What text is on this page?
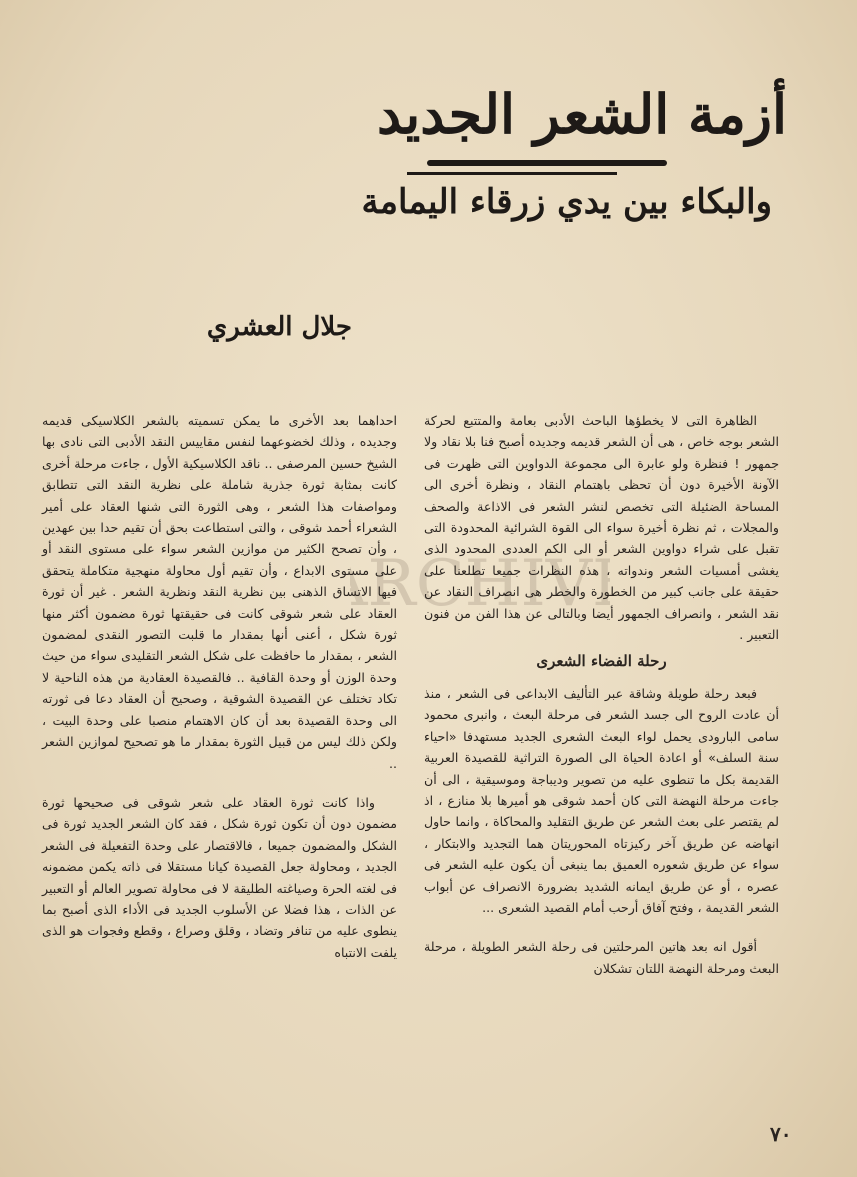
أزمة الشعر الجديد
والبكاء بين يدي زرقاء اليمامة
جلال العشري
RCHIV

الظاهرة التى لا يخطؤها الباحث الأدبى بعامة والمتتبع لحركة الشعر بوجه خاص ، هى أن الشعر قديمه وجديده أصبح فنا بلا نقاد ولا جمهور ! فنظرة ولو عابرة الى مجموعة الدواوين التى ظهرت فى الآونة الأخيرة دون أن تحظى باهتمام النقاد ، ونظرة أخرى الى المساحة الضئيلة التى تخصص لنشر الشعر فى الاذاعة والصحف والمجلات ، ثم نظرة أخيرة سواء الى القوة الشرائية المحدودة التى تقبل على شراء دواوين الشعر أو الى الكم العددى المحدود الذى يغشى أمسيات الشعر وندواته ، هذه النظرات جميعا تطلعنا على حقيقة على جانب كبير من الخطورة والخطر هى انصراف النقاد عن نقد الشعر ، وانصراف الجمهور أيضا وبالتالى عن هذا الفن من فنون التعبير .

رحلة الفضاء الشعرى

فبعد رحلة طويلة وشاقة عبر التأليف الابداعى فى الشعر ، منذ أن عادت الروح الى جسد الشعر فى مرحلة البعث ، وانبرى محمود سامى البارودى يحمل لواء البعث الشعرى الجديد مستهدفا «احياء سنة السلف» أو اعادة الحياة الى الصورة التراثية للقصيدة العربية القديمة بكل ما تنطوى عليه من تصوير وديباجة وموسيقية ، الى أن جاءت مرحلة النهضة التى كان أحمد شوقى هو أميرها بلا منازع ، اذ لم يقتصر على بعث الشعر عن طريق التقليد والمحاكاة ، وانما حاول انهاضه عن طريق آخر ركيزتاه المحوريتان هما التجديد والابتكار ، سواء عن طريق شعوره العميق بما ينبغى أن يكون عليه الشعر فى عصره ، أو عن طريق ايمانه الشديد بضرورة الانصراف عن أبواب الشعر القديمة ، وفتح آفاق أرحب أمام القصيد الشعرى ...

أقول انه بعد هاتين المرحلتين فى رحلة الشعر الطويلة ، مرحلة البعث ومرحلة النهضة اللتان تشكلان

احداهما بعد الأخرى ما يمكن تسميته بالشعر الكلاسيكى قديمه وجديده ، وذلك لخضوعهما لنفس مقاييس النقد الأدبى التى نادى بها الشيخ حسين المرصفى .. ناقد الكلاسيكية الأول ، جاءت مرحلة أخرى كانت بمثابة ثورة جذرية شاملة على نظرية النقد التى تتطابق ومواصفات هذا الشعر ، وهى الثورة التى شنها العقاد على أمير الشعراء أحمد شوقى ، والتى استطاعت بحق أن تقيم حدا بين عهدين ، وأن تصحح الكثير من موازين الشعر سواء على مستوى النقد أو على مستوى الابداع ، وأن تقيم أول محاولة منهجية متكاملة يتحقق فيها الاتساق الذهنى بين نظرية النقد ونظرية الشعر . غير أن ثورة العقاد على شعر شوقى كانت فى حقيقتها ثورة مضمون أكثر منها ثورة شكل ، أعنى أنها بمقدار ما قلبت التصور النقدى لمضمون الشعر ، بمقدار ما حافظت على شكل الشعر التقليدى سواء من حيث وحدة الوزن أو وحدة القافية .. فالقصيدة العقادية من هذه الناحية لا تكاد تختلف عن القصيدة الشوقية ، وصحيح أن العقاد دعا فى ثورته الى وحدة القصيدة بعد أن كان الاهتمام منصبا على وحدة البيت ، ولكن ذلك ليس من قبيل الثورة بمقدار ما هو تصحيح لموازين الشعر ..

واذا كانت ثورة العقاد على شعر شوقى فى صحيحها ثورة مضمون دون أن تكون ثورة شكل ، فقد كان الشعر الجديد ثورة فى الشكل والمضمون جميعا ، فالاقتصار على وحدة التفعيلة فى الشعر الجديد ، ومحاولة جعل القصيدة كيانا مستقلا فى ذاته يكمن مضمونه فى لغته الحرة وصياغته الطليقة لا فى محاولة تصوير العالم أو التعبير عن الذات ، هذا فضلا عن الأسلوب الجديد فى الأداء الذى أصبح بما ينطوى عليه من تنافر وتضاد ، وقلق وصراع ، وقطع وفجوات هو الذى يلفت الانتباه

٧٠
